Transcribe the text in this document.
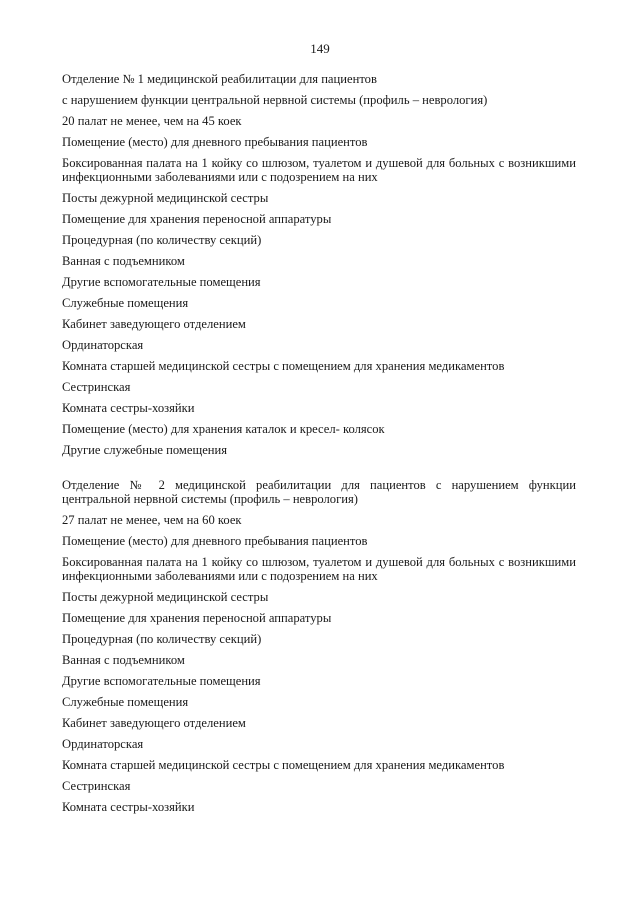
149

Отделение № 1 медицинской реабилитации для пациентов

с нарушением функции центральной нервной системы (профиль – неврология)

20 палат не менее, чем на 45 коек

Помещение (место) для дневного пребывания пациентов

Боксированная палата на 1 койку со шлюзом, туалетом и душевой для больных с возникшими инфекционными заболеваниями или с подозрением на них

Посты дежурной медицинской сестры

Помещение для хранения переносной аппаратуры

Процедурная (по количеству секций)

Ванная с подъемником

Другие вспомогательные помещения

Служебные помещения

Кабинет заведующего отделением

Ординаторская

Комната старшей медицинской сестры с помещением для хранения медикаментов

Сестринская

Комната сестры-хозяйки

Помещение (место) для хранения каталок и кресел- колясок

Другие служебные помещения

Отделение № 2 медицинской реабилитации для пациентов с нарушением функции центральной нервной системы (профиль – неврология)

27 палат не менее, чем на 60 коек

Помещение (место) для дневного пребывания пациентов

Боксированная палата на 1 койку со шлюзом, туалетом и душевой для больных с возникшими инфекционными заболеваниями или с подозрением на них

Посты дежурной медицинской сестры

Помещение для хранения переносной аппаратуры

Процедурная (по количеству секций)

Ванная с подъемником

Другие вспомогательные помещения

Служебные помещения

Кабинет заведующего отделением

Ординаторская

Комната старшей медицинской сестры с помещением для хранения медикаментов

Сестринская

Комната сестры-хозяйки
